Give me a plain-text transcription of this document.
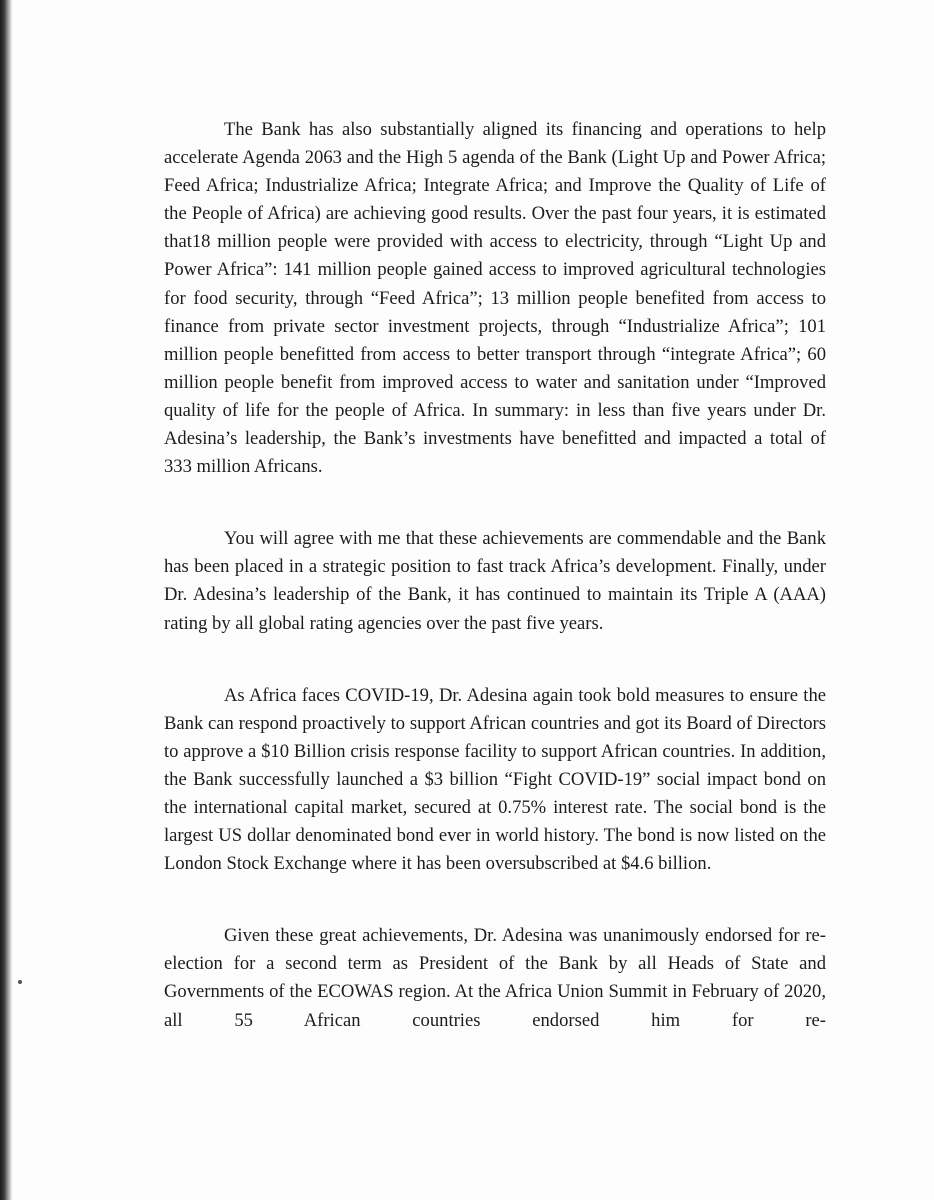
The Bank has also substantially aligned its financing and operations to help accelerate Agenda 2063 and the High 5 agenda of the Bank (Light Up and Power Africa; Feed Africa; Industrialize Africa; Integrate Africa; and Improve the Quality of Life of the People of Africa) are achieving good results. Over the past four years, it is estimated that18 million people were provided with access to electricity, through “Light Up and Power Africa”: 141 million people gained access to improved agricultural technologies for food security, through “Feed Africa”; 13 million people benefited from access to finance from private sector investment projects, through “Industrialize Africa”; 101 million people benefitted from access to better transport through “integrate Africa”; 60 million people benefit from improved access to water and sanitation under “Improved quality of life for the people of Africa. In summary: in less than five years under Dr. Adesina’s leadership, the Bank’s investments have benefitted and impacted a total of 333 million Africans.

You will agree with me that these achievements are commendable and the Bank has been placed in a strategic position to fast track Africa’s development. Finally, under Dr. Adesina’s leadership of the Bank, it has continued to maintain its Triple A (AAA) rating by all global rating agencies over the past five years.

As Africa faces COVID-19, Dr. Adesina again took bold measures to ensure the Bank can respond proactively to support African countries and got its Board of Directors to approve a $10 Billion crisis response facility to support African countries. In addition, the Bank successfully launched a $3 billion “Fight COVID-19” social impact bond on the international capital market, secured at 0.75% interest rate. The social bond is the largest US dollar denominated bond ever in world history. The bond is now listed on the London Stock Exchange where it has been oversubscribed at $4.6 billion.

Given these great achievements, Dr. Adesina was unanimously endorsed for re-election for a second term as President of the Bank by all Heads of State and Governments of the ECOWAS region. At the Africa Union Summit in February of 2020, all 55 African countries endorsed him for re-
